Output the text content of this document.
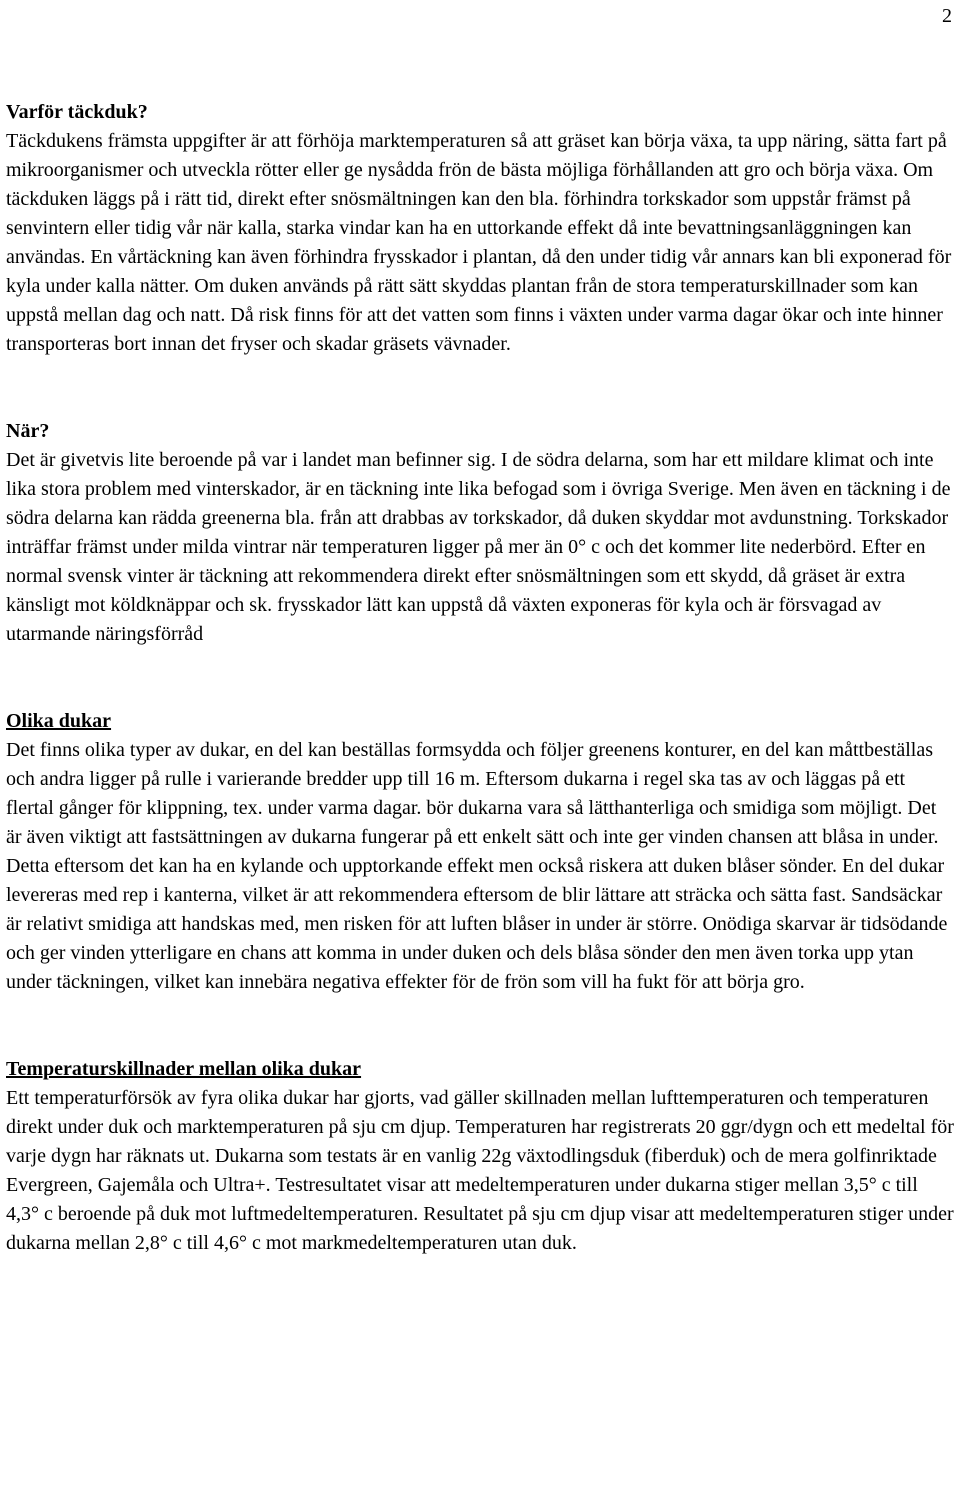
2
Varför täckduk?

Täckdukens främsta uppgifter är att förhöja marktemperaturen så att gräset kan börja växa, ta upp näring, sätta fart på mikroorganismer och utveckla rötter eller ge nysådda frön de bästa möjliga förhållanden att gro och börja växa. Om täckduken läggs på i rätt tid, direkt efter snösmältningen kan den bla. förhindra torkskador som uppstår främst på senvintern eller tidig vår när kalla, starka vindar kan ha en uttorkande effekt då inte bevattningsanläggningen kan användas. En vårtäckning kan även förhindra frysskador i plantan, då den under tidig vår annars kan bli exponerad för kyla under kalla nätter. Om duken används på rätt sätt skyddas plantan från de stora temperaturskillnader som kan uppstå mellan dag och natt. Då risk finns för att det vatten som finns i växten under varma dagar ökar och inte hinner transporteras bort innan det fryser och skadar gräsets vävnader.

När?

Det är givetvis lite beroende på var i landet man befinner sig. I de södra delarna, som har ett mildare klimat och inte lika stora problem med vinterskador, är en täckning inte lika befogad som i övriga Sverige. Men även en täckning i de södra delarna kan rädda greenerna bla. från att drabbas av torkskador, då duken skyddar mot avdunstning. Torkskador inträffar främst under milda vintrar när temperaturen ligger på mer än 0° c och det kommer lite nederbörd. Efter en normal svensk vinter är täckning att rekommendera direkt efter snösmältningen som ett skydd, då gräset är extra känsligt mot köldknäppar och sk. frysskador lätt kan uppstå då växten exponeras för kyla och är försvagad av utarmande näringsförråd

Olika dukar

Det finns olika typer av dukar, en del kan beställas formsydda och följer greenens konturer, en del kan måttbeställas och andra ligger på rulle i varierande bredder upp till 16 m. Eftersom dukarna i regel ska tas av och läggas på ett flertal gånger för klippning, tex. under varma dagar. bör dukarna vara så lätthanterliga och smidiga som möjligt. Det är även viktigt att fastsättningen av dukarna fungerar på ett enkelt sätt och inte ger vinden chansen att blåsa in under. Detta eftersom det kan ha en kylande och upptorkande effekt men också riskera att duken blåser sönder. En del dukar levereras med rep i kanterna, vilket är att rekommendera eftersom de blir lättare att sträcka och sätta fast. Sandsäckar är relativt smidiga att handskas med, men risken för att luften blåser in under är större. Onödiga skarvar är tidsödande och ger vinden ytterligare en chans att komma in under duken och dels blåsa sönder den men även torka upp ytan under täckningen, vilket kan innebära negativa effekter för de frön som vill ha fukt för att börja gro.

Temperaturskillnader mellan olika dukar

Ett temperaturförsök av fyra olika dukar har gjorts, vad gäller skillnaden mellan lufttemperaturen och temperaturen direkt under duk och marktemperaturen på sju cm djup. Temperaturen har registrerats 20 ggr/dygn och ett medeltal för varje dygn har räknats ut. Dukarna som testats är en vanlig 22g växtodlingsduk (fiberduk) och de mera golfinriktade Evergreen, Gajemåla och Ultra+. Testresultatet visar att medeltemperaturen under dukarna stiger mellan 3,5° c till 4,3° c beroende på duk mot luftmedeltemperaturen. Resultatet på sju cm djup visar att medeltemperaturen stiger under dukarna mellan 2,8° c till 4,6° c mot markmedeltemperaturen utan duk.
